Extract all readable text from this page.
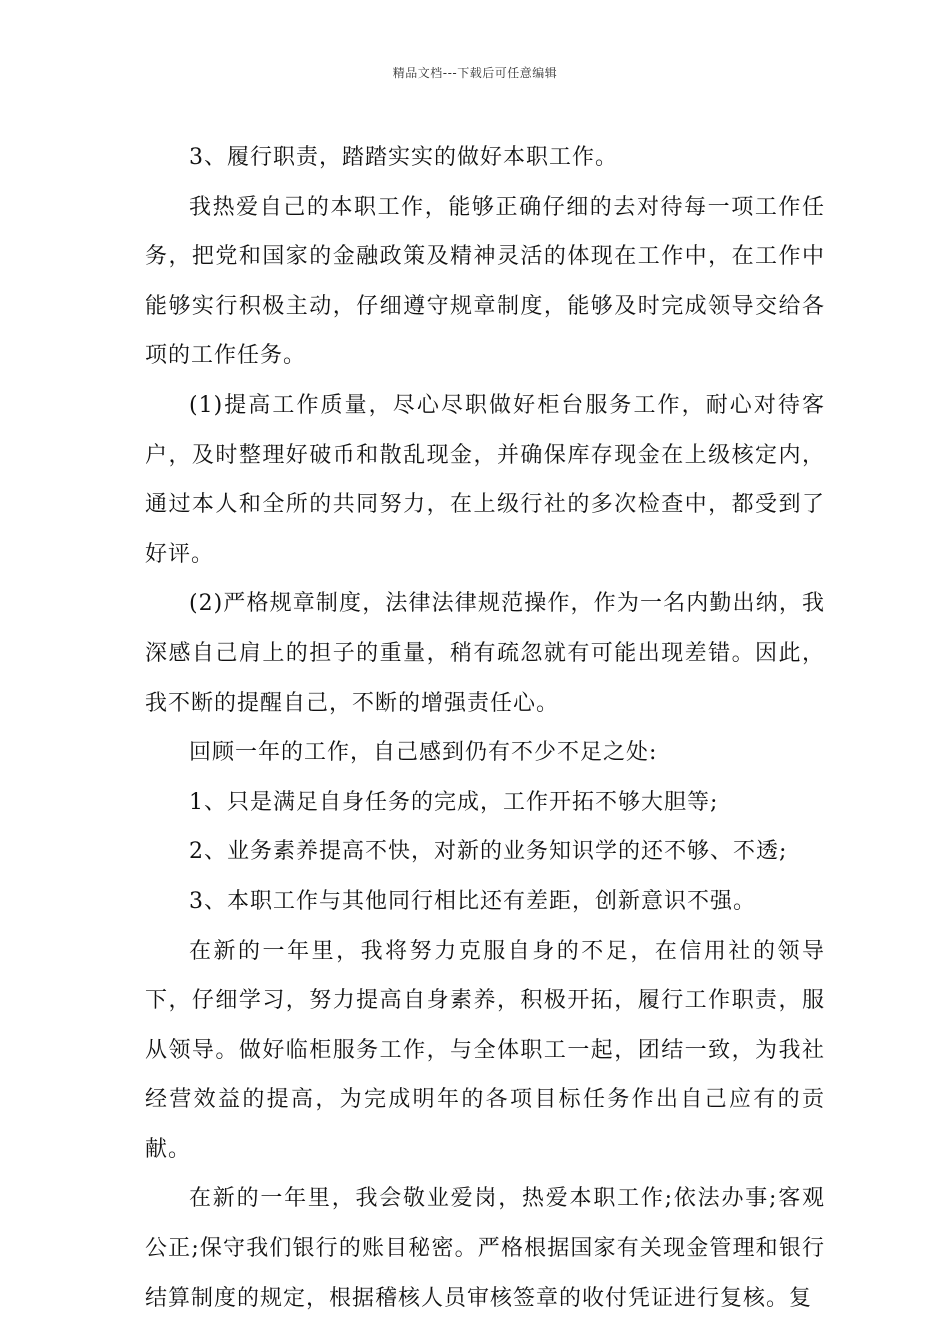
精品文档---下载后可任意编辑

3、履行职责，踏踏实实的做好本职工作。

我热爱自己的本职工作，能够正确仔细的去对待每一项工作任务，把党和国家的金融政策及精神灵活的体现在工作中，在工作中能够实行积极主动，仔细遵守规章制度，能够及时完成领导交给各项的工作任务。

(1)提高工作质量，尽心尽职做好柜台服务工作，耐心对待客户，及时整理好破币和散乱现金，并确保库存现金在上级核定内，通过本人和全所的共同努力，在上级行社的多次检查中，都受到了好评。

(2)严格规章制度，法律法律规范操作，作为一名内勤出纳，我深感自己肩上的担子的重量，稍有疏忽就有可能出现差错。因此，我不断的提醒自己，不断的增强责任心。

回顾一年的工作，自己感到仍有不少不足之处:

1、只是满足自身任务的完成，工作开拓不够大胆等;

2、业务素养提高不快，对新的业务知识学的还不够、不透;

3、本职工作与其他同行相比还有差距，创新意识不强。

在新的一年里，我将努力克服自身的不足，在信用社的领导下，仔细学习，努力提高自身素养，积极开拓，履行工作职责，服从领导。做好临柜服务工作，与全体职工一起，团结一致，为我社经营效益的提高，为完成明年的各项目标任务作出自己应有的贡献。

在新的一年里，我会敬业爱岗，热爱本职工作;依法办事;客观公正;保守我们银行的账目秘密。严格根据国家有关现金管理和银行结算制度的规定，根据稽核人员审核签章的收付凭证进行复核。复
